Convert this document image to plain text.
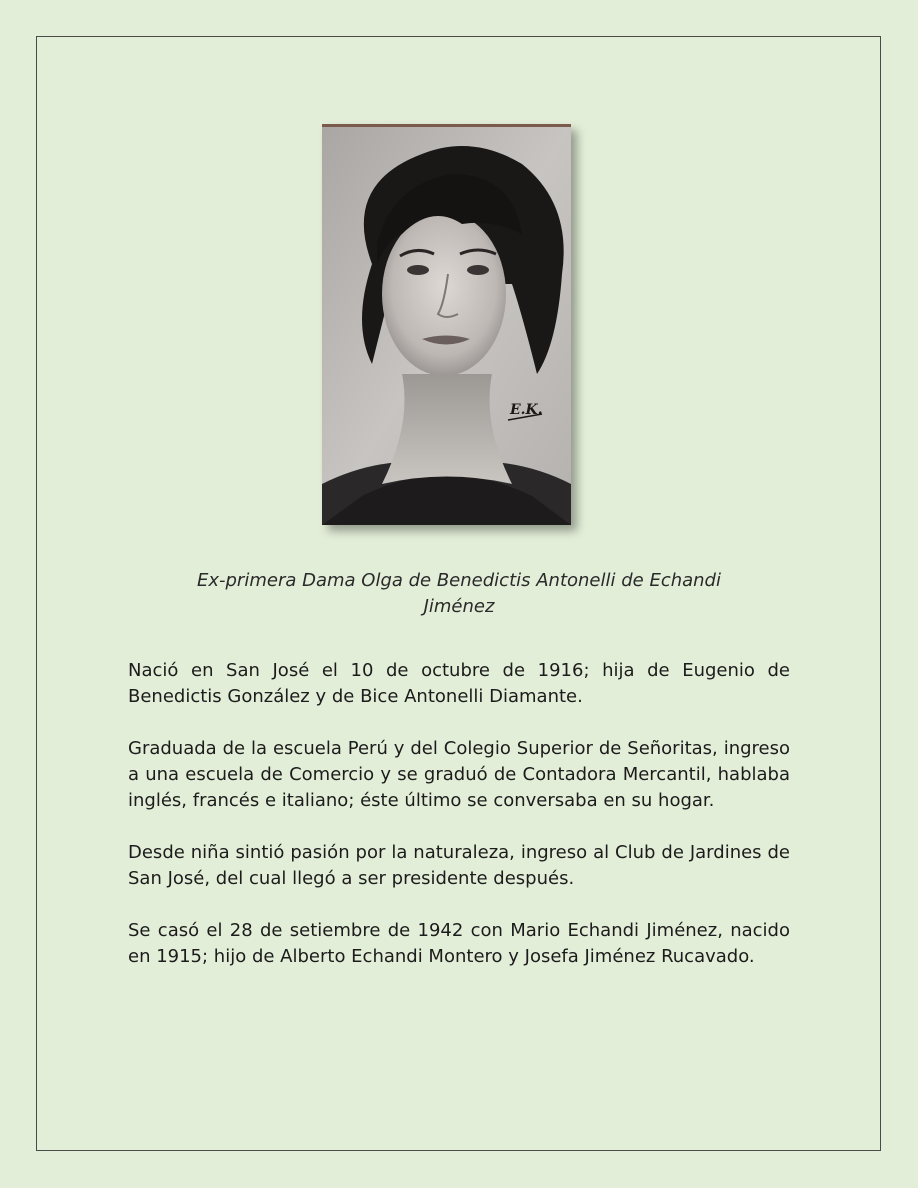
E.K.
Ex-primera Dama Olga de Benedictis Antonelli de Echandi
Jiménez

Nació en San José el 10 de octubre de 1916; hija de Eugenio de Benedictis González y de Bice Antonelli Diamante.

Graduada de la escuela Perú y del Colegio Superior de Señoritas, ingreso a una escuela de Comercio y se graduó de Contadora Mercantil, hablaba inglés, francés e italiano; éste último se conversaba en su hogar.

Desde niña sintió pasión por la naturaleza, ingreso al Club de Jardines de San José, del cual llegó a ser presidente después.

Se casó el 28 de setiembre de 1942 con Mario Echandi Jiménez, nacido en 1915; hijo de Alberto Echandi Montero y Josefa Jiménez Rucavado.
